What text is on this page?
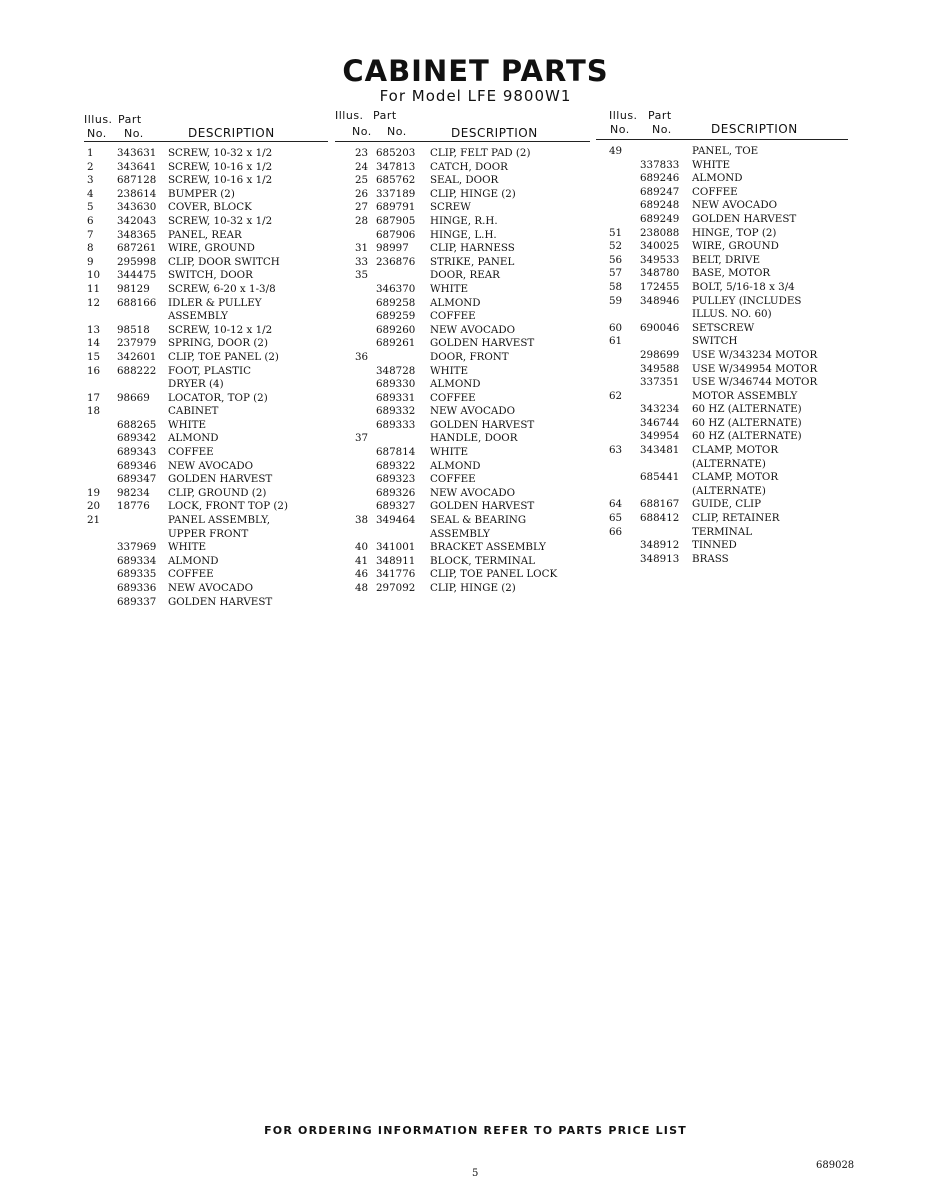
CABINET PARTS
For Model LFE 9800W1
Illus. Part
No. No.	DESCRIPTION
1 343631 SCREW, 10-32 x 1/2
2 343641 SCREW, 10-16 x 1/2
3 687128 SCREW, 10-16 x 1/2
4 238614 BUMPER (2)
5 343630 COVER, BLOCK
6 342043 SCREW, 10-32 x 1/2
7 348365 PANEL, REAR
8 687261 WIRE, GROUND
9 295998 CLIP, DOOR SWITCH
10 344475 SWITCH, DOOR
11 98129 SCREW, 6-20 x 1-3/8
12 688166 IDLER & PULLEY
ASSEMBLY
13 98518 SCREW, 10-12 x 1/2
14 237979 SPRING, DOOR (2)
15 342601 CLIP, TOE PANEL (2)
16 688222 FOOT, PLASTIC
DRYER (4)
17 98669 LOCATOR, TOP (2)
18	CABINET
688265 WHITE
689342 ALMOND
689343 COFFEE
689346 NEW AVOCADO
689347 GOLDEN HARVEST
19 98234 CLIP, GROUND (2)
20 18776 LOCK, FRONT TOP (2)
21	PANEL ASSEMBLY,
UPPER FRONT
337969 WHITE
689334 ALMOND
689335 COFFEE
689336 NEW AVOCADO
689337 GOLDEN HARVEST
Illus. Part
No. No.	DESCRIPTION
23 685203 CLIP, FELT PAD (2)
24 347813 CATCH, DOOR
25 685762 SEAL, DOOR
26 337189 CLIP, HINGE (2)
27 689791 SCREW
28 687905 HINGE, R.H.
687906 HINGE, L.H.
31 98997 CLIP, HARNESS
33 236876 STRIKE, PANEL
35	DOOR, REAR
346370 WHITE
689258 ALMOND
689259 COFFEE
689260 NEW AVOCADO
689261 GOLDEN HARVEST
36	DOOR, FRONT
348728 WHITE
689330 ALMOND
689331 COFFEE
689332 NEW AVOCADO
689333 GOLDEN HARVEST
37	HANDLE, DOOR
687814 WHITE
689322 ALMOND
689323 COFFEE
689326 NEW AVOCADO
689327 GOLDEN HARVEST
38 349464 SEAL & BEARING
ASSEMBLY
40 341001 BRACKET ASSEMBLY
41 348911 BLOCK, TERMINAL
46 341776 CLIP, TOE PANEL LOCK
48 297092 CLIP, HINGE (2)
Illus. Part
No. No.	DESCRIPTION
49	PANEL, TOE
337833 WHITE
689246 ALMOND
689247 COFFEE
689248 NEW AVOCADO
689249 GOLDEN HARVEST
51 238088 HINGE, TOP (2)
52 340025 WIRE, GROUND
56 349533 BELT, DRIVE
57 348780 BASE, MOTOR
58 172455 BOLT, 5/16-18 x 3/4
59 348946 PULLEY (INCLUDES
ILLUS. NO. 60)
60 690046 SETSCREW
61	SWITCH
298699 USE W/343234 MOTOR
349588 USE W/349954 MOTOR
337351 USE W/346744 MOTOR
62	MOTOR ASSEMBLY
343234 60 HZ (ALTERNATE)
346744 60 HZ (ALTERNATE)
349954 60 HZ (ALTERNATE)
63 343481 CLAMP, MOTOR
(ALTERNATE)
685441 CLAMP, MOTOR
(ALTERNATE)
64 688167 GUIDE, CLIP
65 688412 CLIP, RETAINER
66	TERMINAL
348912 TINNED
348913 BRASS
FOR ORDERING INFORMATION REFER TO PARTS PRICE LIST
5
689028
